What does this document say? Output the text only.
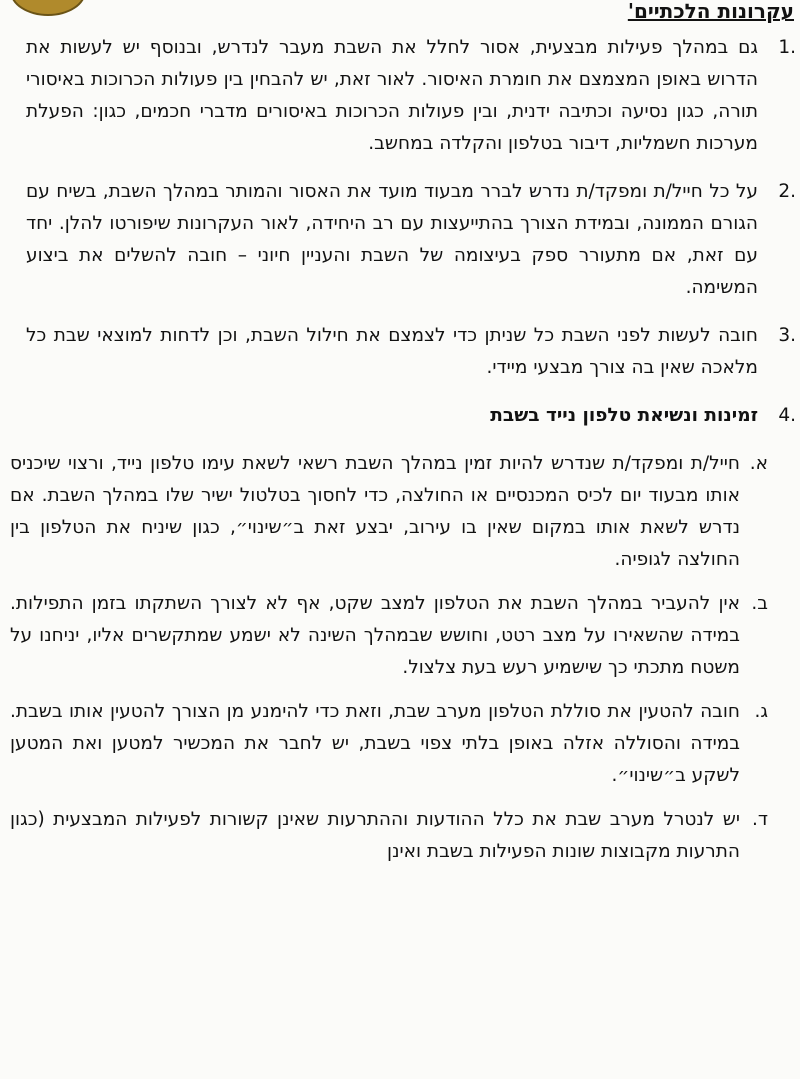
עקרונות הלכתיים'
.1
גם במהלך פעילות מבצעית, אסור לחלל את השבת מעבר לנדרש, ובנוסף יש לעשות את הדרוש באופן המצמצם את חומרת האיסור. לאור זאת, יש להבחין בין פעולות הכרוכות באיסורי תורה, כגון נסיעה וכתיבה ידנית, ובין פעולות הכרוכות באיסורים מדברי חכמים, כגון: הפעלת מערכות חשמליות, דיבור בטלפון והקלדה במחשב.
.2
על כל חייל/ת ומפקד/ת נדרש לברר מבעוד מועד את האסור והמותר במהלך השבת, בשיח עם הגורם הממונה, ובמידת הצורך בהתייעצות עם רב היחידה, לאור העקרונות שיפורטו להלן. יחד עם זאת, אם מתעורר ספק בעיצומה של השבת והעניין חיוני – חובה להשלים את ביצוע המשימה.
.3
חובה לעשות לפני השבת כל שניתן כדי לצמצם את חילול השבת, וכן לדחות למוצאי שבת כל מלאכה שאין בה צורך מבצעי מיידי.
.4
זמינות ונשיאת טלפון נייד בשבת
א.
חייל/ת ומפקד/ת שנדרש להיות זמין במהלך השבת רשאי לשאת עימו טלפון נייד, ורצוי שיכניס אותו מבעוד יום לכיס המכנסיים או החולצה, כדי לחסוך בטלטול ישיר שלו במהלך השבת. אם נדרש לשאת אותו במקום שאין בו עירוב, יבצע זאת ב״שינוי״, כגון שיניח את הטלפון בין החולצה לגופיה.
ב.
אין להעביר במהלך השבת את הטלפון למצב שקט, אף לא לצורך השתקתו בזמן התפילות. במידה שהשאירו על מצב רטט, וחושש שבמהלך השינה לא ישמע שמתקשרים אליו, יניחנו על משטח מתכתי כך שישמיע רעש בעת צלצול.
ג.
חובה להטעין את סוללת הטלפון מערב שבת, וזאת כדי להימנע מן הצורך להטעין אותו בשבת. במידה והסוללה אזלה באופן בלתי צפוי בשבת, יש לחבר את המכשיר למטען ואת המטען לשקע ב״שינוי״.
ד.
יש לנטרל מערב שבת את כלל ההודעות וההתרעות שאינן קשורות לפעילות המבצעית (כגון התרעות מקבוצות שונות הפעילות בשבת ואינן
